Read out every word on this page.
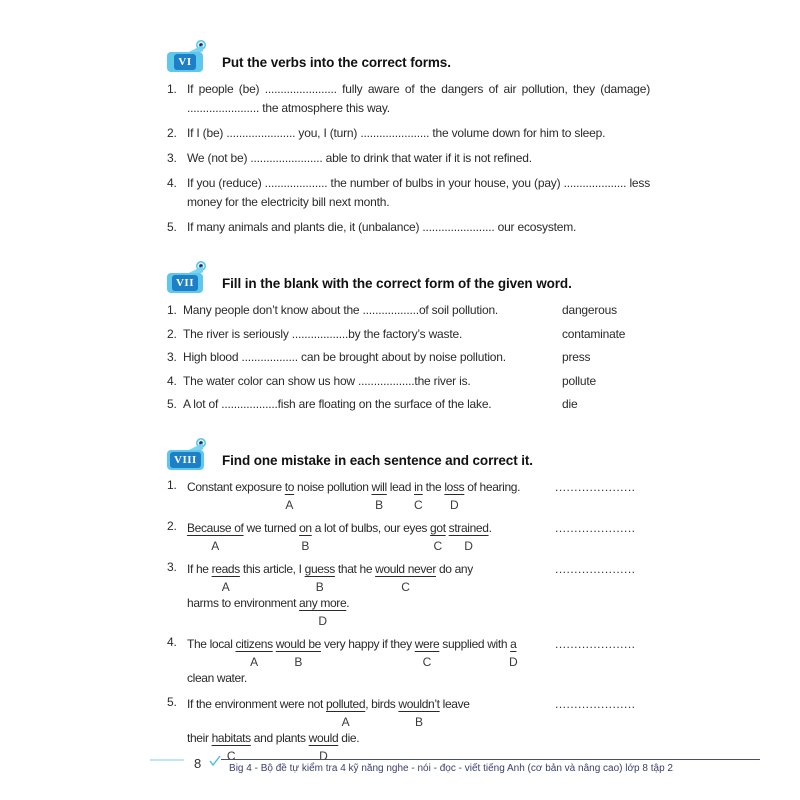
VI Put the verbs into the correct forms.
1. If people (be) ....................... fully aware of the dangers of air pollution, they (damage) ....................... the atmosphere this way.

2. If I (be) ...................... you, I (turn) ...................... the volume down for him to sleep.

3. We (not be) ....................... able to drink that water if it is not refined.

4. If you (reduce) .................... the number of bulbs in your house, you (pay) .................... less money for the electricity bill next month.

5. If many animals and plants die, it (unbalance) ....................... our ecosystem.

VII Fill in the blank with the correct form of the given word.
1. Many people don’t know about the ..................of soil pollution.	dangerous
2. The river is seriously ..................by the factory’s waste.	contaminate
3. High blood .................. can be brought about by noise pollution.	press
4. The water color can show us how ..................the river is.	pollute
5. A lot of ..................fish are floating on the surface of the lake.	die
VIII Find one mistake in each sentence and correct it.
1. Constant exposure to A noise pollution will B lead in C the loss D of hearing.	.....................
2. Because of A we turned on B a lot of bulbs, our eyes got C strained D.	.....................
3. If he reads A this article, I guess B that he would never C do any

harms to environment any more D.

.....................
4. The local citizens A would be B very happy if they were C supplied with a D

clean water.

.....................
5. If the environment were not polluted A, birds wouldn’t B leave

their habitats C and plants would D die.

.....................
8	Big 4 - Bộ đề tự kiểm tra 4 kỹ năng nghe - nói - đọc - viết tiếng Anh (cơ bản và nâng cao) lớp 8 tập 2
